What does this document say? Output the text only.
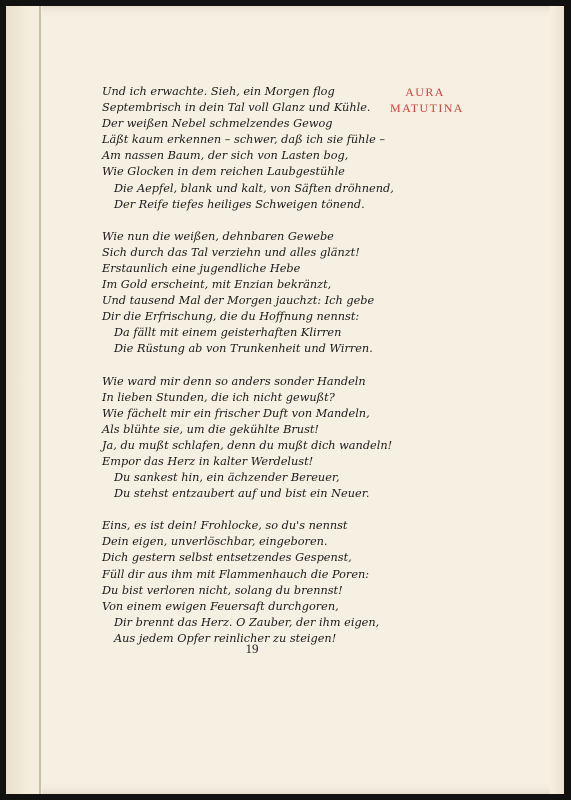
AURA
MATUTINA
Und ich erwachte. Sieh, ein Morgen flog
Septembrisch in dein Tal voll Glanz und Kühle.
Der weißen Nebel schmelzendes Gewog
Läßt kaum erkennen – schwer, daß ich sie fühle –
Am nassen Baum, der sich von Lasten bog,
Wie Glocken in dem reichen Laubgestühle
Die Aepfel, blank und kalt, von Säften dröhnend,
Der Reife tiefes heiliges Schweigen tönend.
Wie nun die weißen, dehnbaren Gewebe
Sich durch das Tal verziehn und alles glänzt!
Erstaunlich eine jugendliche Hebe
Im Gold erscheint, mit Enzian bekränzt,
Und tausend Mal der Morgen jauchzt: Ich gebe
Dir die Erfrischung, die du Hoffnung nennst:
Da fällt mit einem geisterhaften Klirren
Die Rüstung ab von Trunkenheit und Wirren.
Wie ward mir denn so anders sonder Handeln
In lieben Stunden, die ich nicht gewußt?
Wie fächelt mir ein frischer Duft von Mandeln,
Als blühte sie, um die gekühlte Brust!
Ja, du mußt schlafen, denn du mußt dich wandeln!
Empor das Herz in kalter Werdelust!
Du sankest hin, ein ächzender Bereuer,
Du stehst entzaubert auf und bist ein Neuer.
Eins, es ist dein! Frohlocke, so du's nennst
Dein eigen, unverlöschbar, eingeboren.
Dich gestern selbst entsetzendes Gespenst,
Füll dir aus ihm mit Flammenhauch die Poren:
Du bist verloren nicht, solang du brennst!
Von einem ewigen Feuersaft durchgoren,
Dir brennt das Herz. O Zauber, der ihm eigen,
Aus jedem Opfer reinlicher zu steigen!
19
